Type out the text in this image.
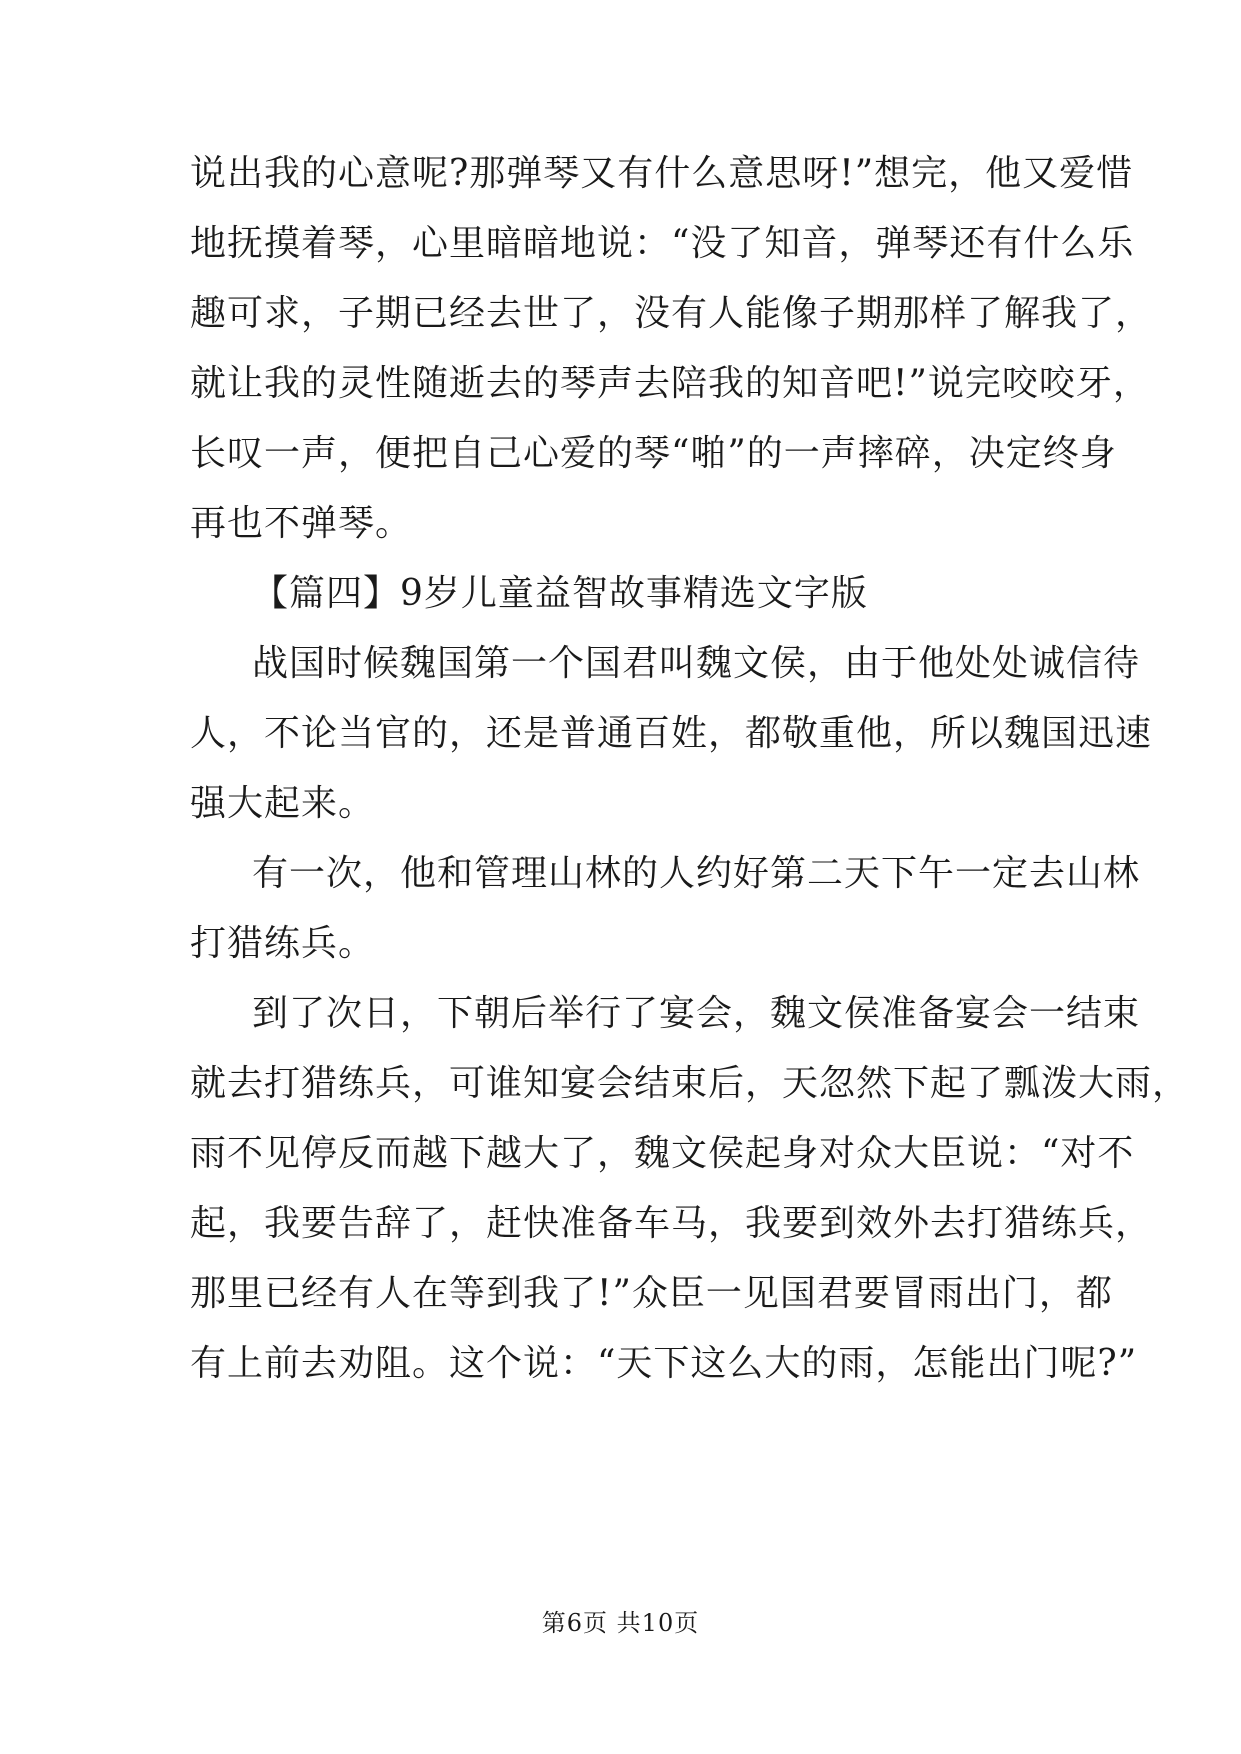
说出我的心意呢?那弹琴又有什么意思呀!”想完，他又爱惜
地抚摸着琴，心里暗暗地说：“没了知音，弹琴还有什么乐
趣可求，子期已经去世了，没有人能像子期那样了解我了，
就让我的灵性随逝去的琴声去陪我的知音吧!”说完咬咬牙，
长叹一声，便把自己心爱的琴“啪”的一声摔碎，决定终身
再也不弹琴。
【篇四】9岁儿童益智故事精选文字版
战国时候魏国第一个国君叫魏文侯，由于他处处诚信待
人，不论当官的，还是普通百姓，都敬重他，所以魏国迅速
强大起来。
有一次，他和管理山林的人约好第二天下午一定去山林
打猎练兵。
到了次日，下朝后举行了宴会，魏文侯准备宴会一结束
就去打猎练兵，可谁知宴会结束后，天忽然下起了瓢泼大雨，
雨不见停反而越下越大了，魏文侯起身对众大臣说：“对不
起，我要告辞了，赶快准备车马，我要到效外去打猎练兵，
那里已经有人在等到我了!”众臣一见国君要冒雨出门，都
有上前去劝阻。这个说：“天下这么大的雨，怎能出门呢?”
第6页 共10页
